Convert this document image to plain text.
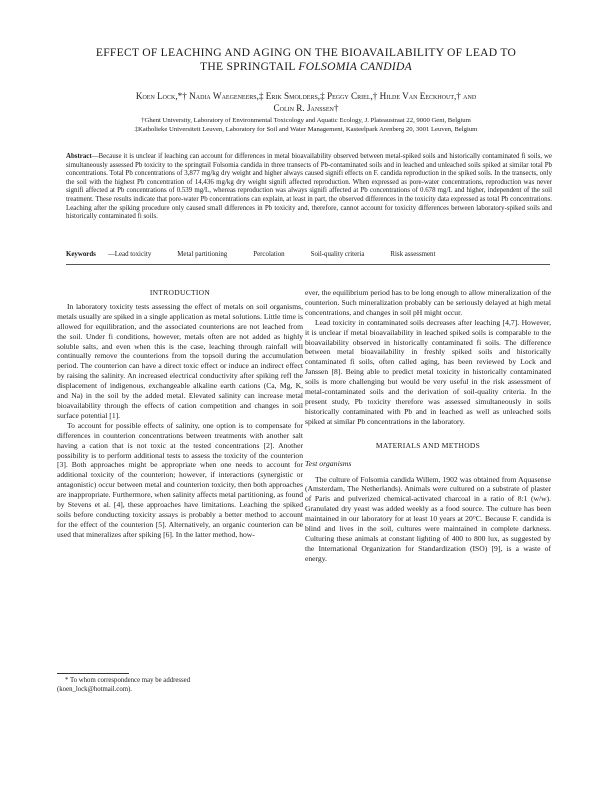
EFFECT OF LEACHING AND AGING ON THE BIOAVAILABILITY OF LEAD TO
THE SPRINGTAIL FOLSOMIA CANDIDA
Koen Lock,*† Nadia Waegeneers,‡ Erik Smolders,‡ Peggy Criel,† Hilde Van Eeckhout,† and
Colin R. Janssen†
†Ghent University, Laboratory of Environmental Toxicology and Aquatic Ecology, J. Plateaustraat 22, 9000 Gent, Belgium
‡Katholieke Universiteit Leuven, Laboratory for Soil and Water Management, Kasteelpark Arenberg 20, 3001 Leuven, Belgium
Abstract—Because it is unclear if leaching can account for differences in metal bioavailability observed between metal-spiked soils and historically contaminated fi soils, we simultaneously assessed Pb toxicity to the springtail Folsomia candida in three transects of Pb-contaminated soils and in leached and unleached soils spiked at similar total Pb concentrations. Total Pb concentrations of 3,877 mg/kg dry weight and higher always caused signifi effects on F. candida reproduction in the spiked soils. In the transects, only the soil with the highest Pb concentration of 14,436 mg/kg dry weight signifi affected reproduction. When expressed as pore-water concentrations, reproduction was never signifi affected at Pb concentrations of 0.539 mg/L, whereas reproduction was always signifi affected at Pb concentrations of 0.678 mg/L and higher, independent of the soil treatment. These results indicate that pore-water Pb concentrations can explain, at least in part, the observed differences in the toxicity data expressed as total Pb concentrations. Leaching after the spiking procedure only caused small differences in Pb toxicity and, therefore, cannot account for toxicity differences between laboratory-spiked soils and historically contaminated fi soils.
Keywords —Lead toxicity	Metal partitioning	Percolation	Soil-quality criteria	Risk assessment
INTRODUCTION

In laboratory toxicity tests assessing the effect of metals on soil organisms, metals usually are spiked in a single application as metal solutions. Little time is allowed for equilibration, and the associated counterions are not leached from the soil. Under fi conditions, however, metals often are not added as highly soluble salts, and even when this is the case, leaching through rainfall will continually remove the counterions from the topsoil during the accumulation period. The counterion can have a direct toxic effect or induce an indirect effect by raising the salinity. An increased electrical conductivity after spiking refl the displacement of indigenous, exchangeable alkaline earth cations (Ca, Mg, K, and Na) in the soil by the added metal. Elevated salinity can increase metal bioavailability through the effects of cation competition and changes in soil surface potential [1].

To account for possible effects of salinity, one option is to compensate for differences in counterion concentrations between treatments with another salt having a cation that is not toxic at the tested concentrations [2]. Another possibility is to perform additional tests to assess the toxicity of the counterion [3]. Both approaches might be appropriate when one needs to account for additional toxicity of the counterion; however, if interactions (synergistic or antagonistic) occur between metal and counterion toxicity, then both approaches are inappropriate. Furthermore, when salinity affects metal partitioning, as found by Stevens et al. [4], these approaches have limitations. Leaching the spiked soils before conducting toxicity assays is probably a better method to account for the effect of the counterion [5]. Alternatively, an organic counterion can be used that mineralizes after spiking [6]. In the latter method, how-

ever, the equilibrium period has to be long enough to allow mineralization of the counterion. Such mineralization probably can be seriously delayed at high metal concentrations, and changes in soil pH might occur.

Lead toxicity in contaminated soils decreases after leaching [4,7]. However, it is unclear if metal bioavailability in leached spiked soils is comparable to the bioavailability observed in historically contaminated fi soils. The difference between metal bioavailability in freshly spiked soils and historically contaminated fi soils, often called aging, has been reviewed by Lock and Janssen [8]. Being able to predict metal toxicity in historically contaminated soils is more challenging but would be very useful in the risk assessment of metal-contaminated soils and the derivation of soil-quality criteria. In the present study, Pb toxicity therefore was assessed simultaneously in soils historically contaminated with Pb and in leached as well as unleached soils spiked at similar Pb concentrations in the laboratory.

MATERIALS AND METHODS
Test organisms

The culture of Folsomia candida Willem, 1902 was obtained from Aquasense (Amsterdam, The Netherlands). Animals were cultured on a substrate of plaster of Paris and pulverized chemical-activated charcoal in a ratio of 8:1 (w/w). Granulated dry yeast was added weekly as a food source. The culture has been maintained in our laboratory for at least 10 years at 20°C. Because F. candida is blind and lives in the soil, cultures were maintained in complete darkness. Culturing these animals at constant lighting of 400 to 800 lux, as suggested by the International Organization for Standardization (ISO) [9], is a waste of energy.

* To whom correspondence may be addressed
(koen_lock@hotmail.com).
